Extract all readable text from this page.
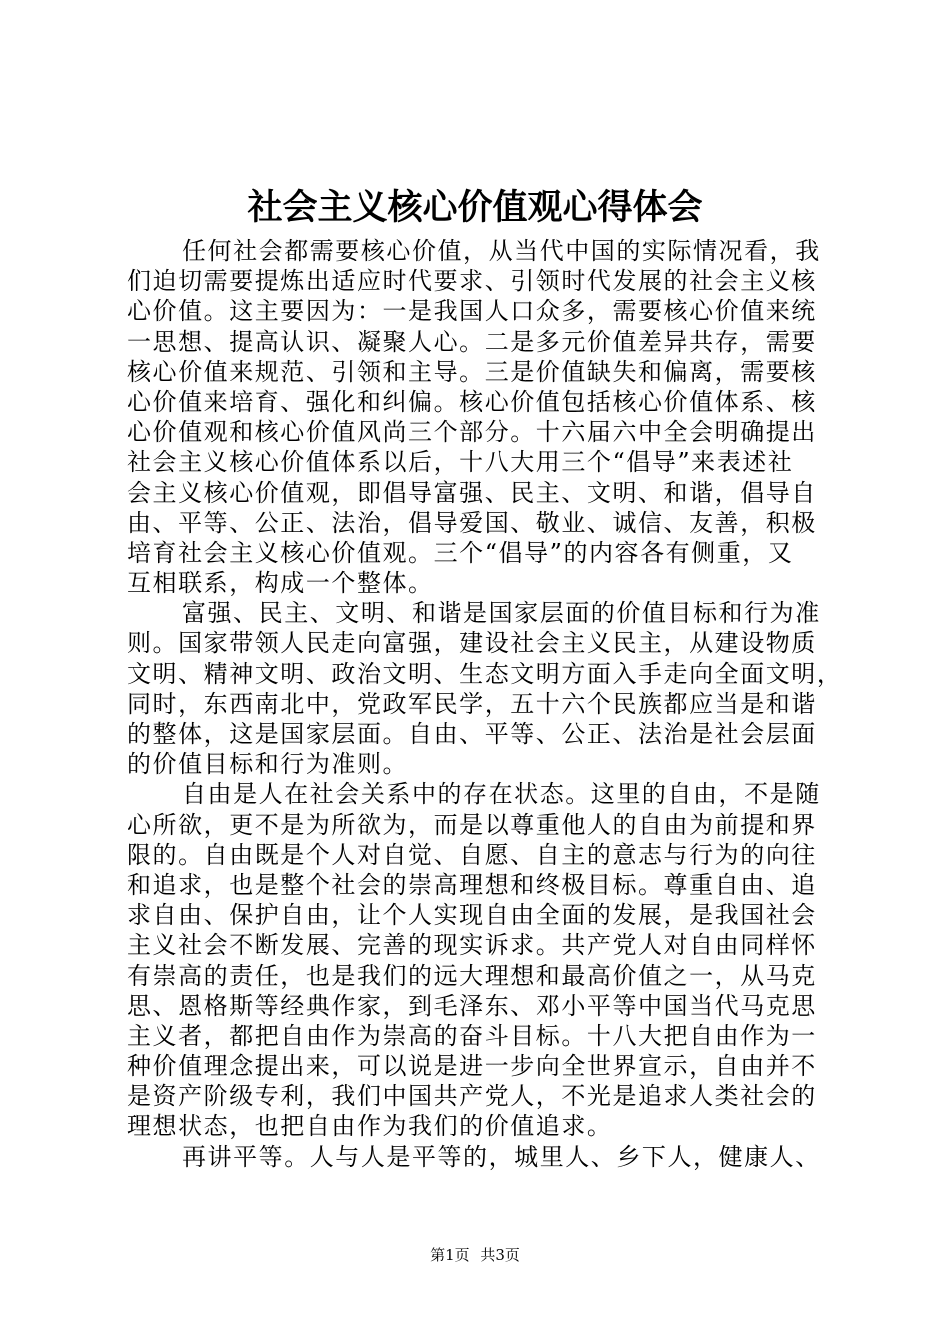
社会主义核心价值观心得体会
任何社会都需要核心价值，从当代中国的实际情况看，我
们迫切需要提炼出适应时代要求、引领时代发展的社会主义核
心价值。这主要因为：一是我国人口众多，需要核心价值来统
一思想、提高认识、凝聚人心。二是多元价值差异共存，需要
核心价值来规范、引领和主导。三是价值缺失和偏离，需要核
心价值来培育、强化和纠偏。核心价值包括核心价值体系、核
心价值观和核心价值风尚三个部分。十六届六中全会明确提出
社会主义核心价值体系以后，十八大用三个“倡导”来表述社
会主义核心价值观，即倡导富强、民主、文明、和谐，倡导自
由、平等、公正、法治，倡导爱国、敬业、诚信、友善，积极
培育社会主义核心价值观。三个“倡导”的内容各有侧重，又
互相联系，构成一个整体。
富强、民主、文明、和谐是国家层面的价值目标和行为准
则。国家带领人民走向富强，建设社会主义民主，从建设物质
文明、精神文明、政治文明、生态文明方面入手走向全面文明，
同时，东西南北中，党政军民学，五十六个民族都应当是和谐
的整体，这是国家层面。自由、平等、公正、法治是社会层面
的价值目标和行为准则。
自由是人在社会关系中的存在状态。这里的自由，不是随
心所欲，更不是为所欲为，而是以尊重他人的自由为前提和界
限的。自由既是个人对自觉、自愿、自主的意志与行为的向往
和追求，也是整个社会的崇高理想和终极目标。尊重自由、追
求自由、保护自由，让个人实现自由全面的发展，是我国社会
主义社会不断发展、完善的现实诉求。共产党人对自由同样怀
有崇高的责任，也是我们的远大理想和最高价值之一，从马克
思、恩格斯等经典作家，到毛泽东、邓小平等中国当代马克思
主义者，都把自由作为崇高的奋斗目标。十八大把自由作为一
种价值理念提出来，可以说是进一步向全世界宣示，自由并不
是资产阶级专利，我们中国共产党人，不光是追求人类社会的
理想状态，也把自由作为我们的价值追求。
再讲平等。人与人是平等的，城里人、乡下人，健康人、
第1页 共3页
